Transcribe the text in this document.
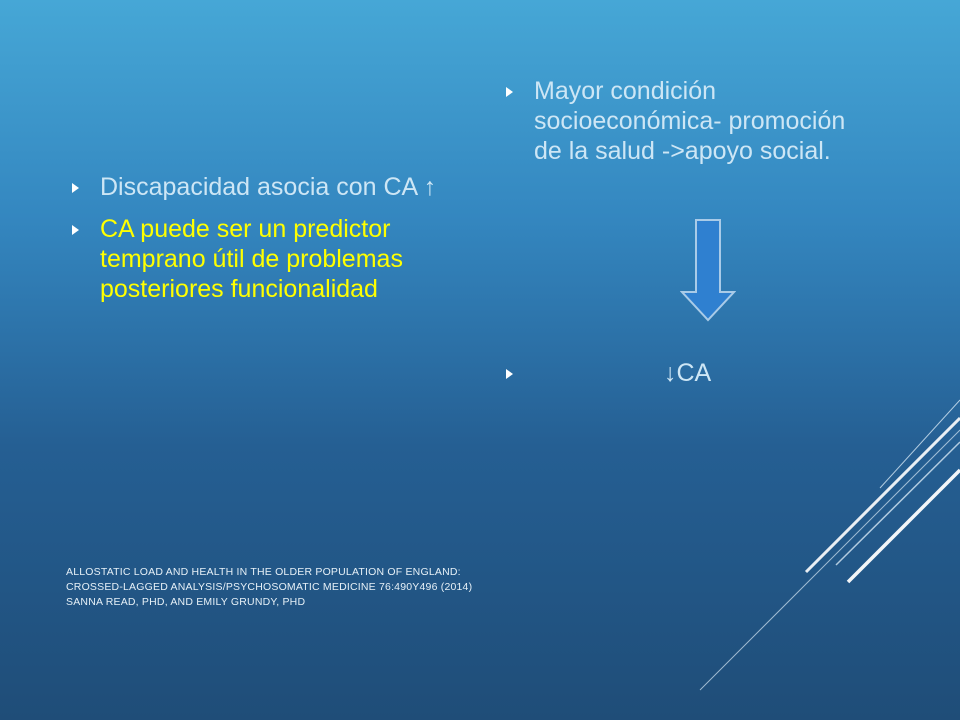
Discapacidad asocia con CA ↑
CA puede ser un predictor temprano útil de problemas posteriores funcionalidad
Mayor condición socioeconómica- promoción de la salud ->apoyo social.
↓CA
ALLOSTATIC LOAD AND HEALTH IN THE OLDER POPULATION OF ENGLAND:
CROSSED-LAGGED ANALYSIS/PSYCHOSOMATIC MEDICINE 76:490Y496 (2014)
SANNA READ, PHD, AND EMILY GRUNDY, PHD
